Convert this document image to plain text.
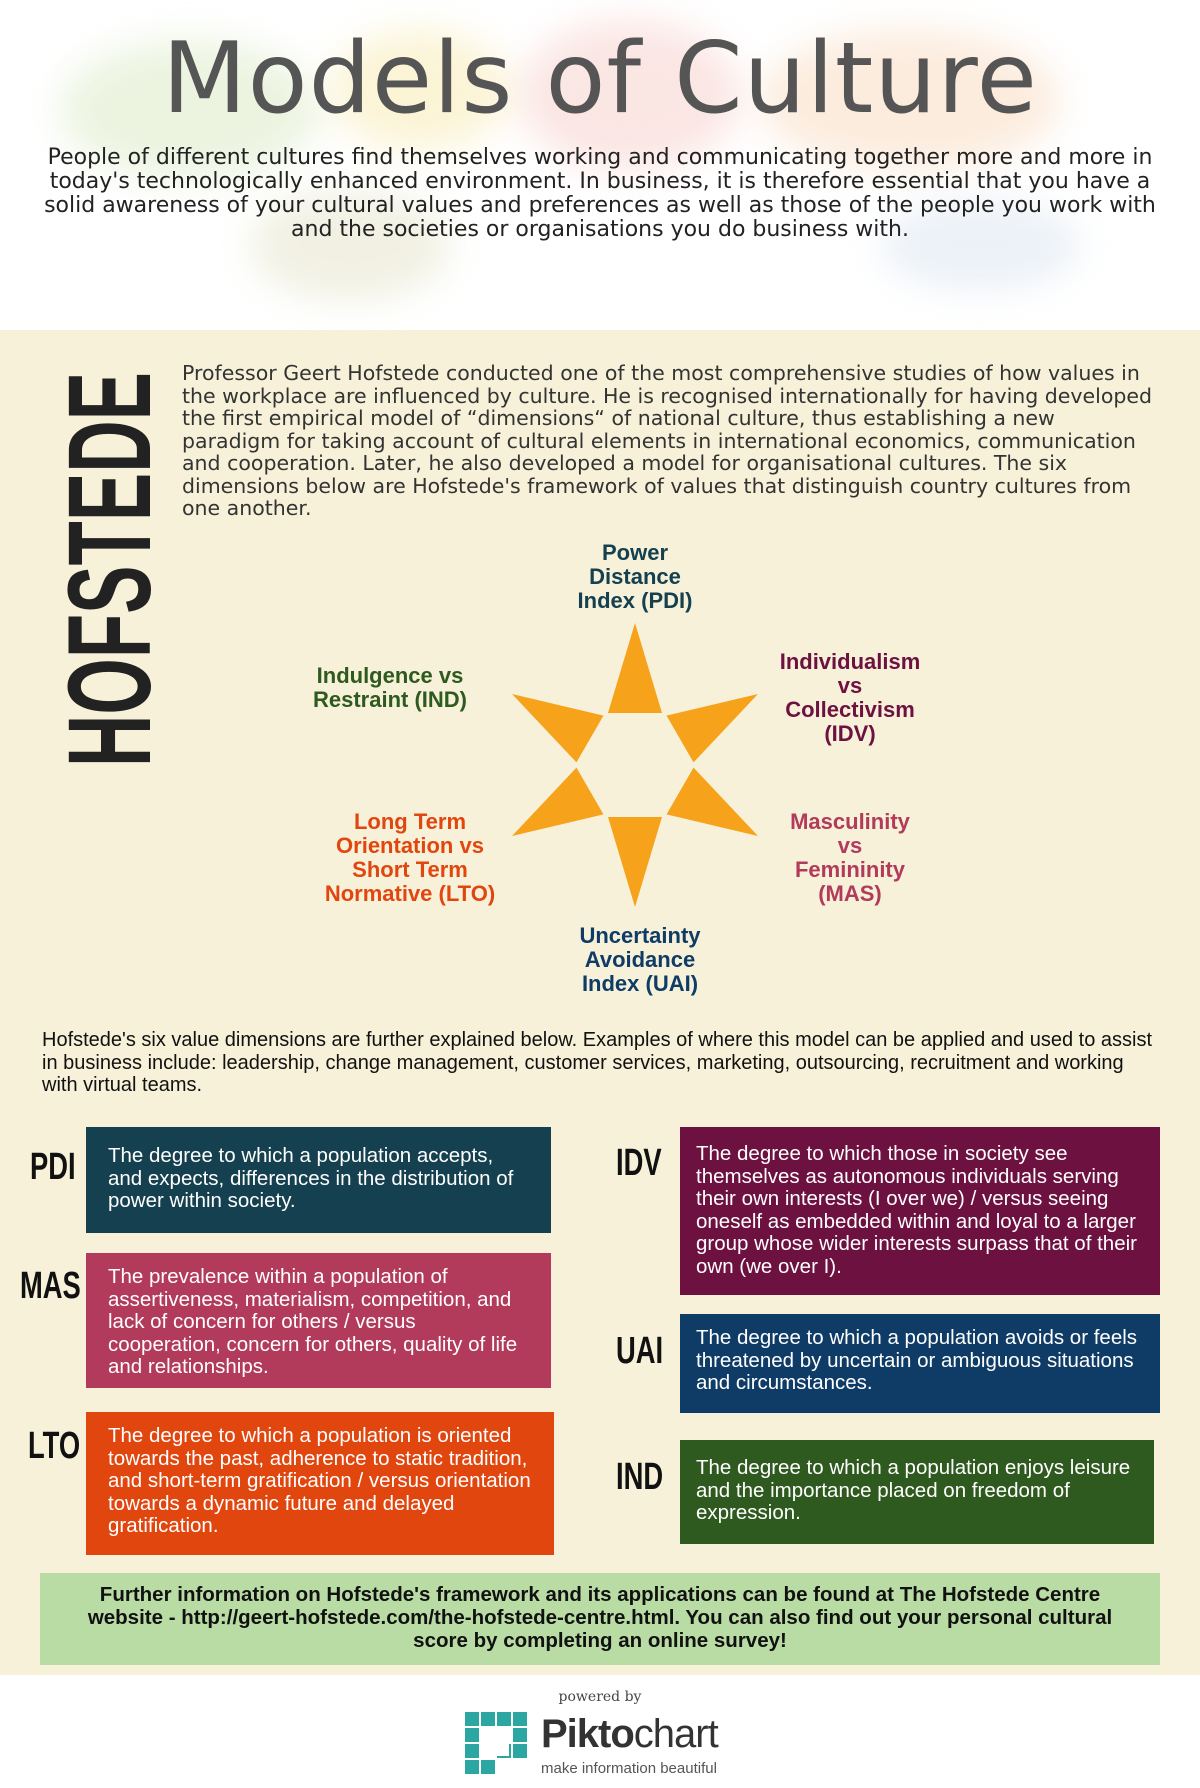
Models of Culture
People of different cultures find themselves working and communicating together more and more in today's technologically enhanced environment. In business, it is therefore essential that you have a solid awareness of your cultural values and preferences as well as those of the people you work with and the societies or organisations you do business with.
HOFSTEDE Professor Geert Hofstede conducted one of the most comprehensive studies of how values in the workplace are influenced by culture. He is recognised internationally for having developed the first empirical model of “dimensions“ of national culture, thus establishing a new paradigm for taking account of cultural elements in international economics, communication and cooperation. Later, he also developed a model for organisational cultures. The six dimensions below are Hofstede's framework of values that distinguish country cultures from one another.
Power
Distance
Index (PDI)
Individualism
vs
Collectivism
(IDV)
Masculinity
vs
Femininity
(MAS)
Uncertainty
Avoidance
Index (UAI)
Long Term
Orientation vs
Short Term
Normative (LTO)
Indulgence vs
Restraint (IND)
Hofstede's six value dimensions are further explained below. Examples of where this model can be applied and used to assist in business include: leadership, change management, customer services, marketing, outsourcing, recruitment and working with virtual teams.
PDI	The degree to which a population accepts, and expects, differences in the distribution of power within society.
MAS	The prevalence within a population of assertiveness, materialism, competition, and lack of concern for others / versus cooperation, concern for others, quality of life and relationships.
LTO	The degree to which a population is oriented towards the past, adherence to static tradition, and short-term gratification / versus orientation towards a dynamic future and delayed gratification.
IDV	The degree to which those in society see themselves as autonomous individuals serving their own interests (I over we) / versus seeing oneself as embedded within and loyal to a larger group whose wider interests surpass that of their own (we over I).
UAI	The degree to which a population avoids or feels threatened by uncertain or ambiguous situations and circumstances.
IND	The degree to which a population enjoys leisure and the importance placed on freedom of expression.
Further information on Hofstede's framework and its applications can be found at The Hofstede Centre website - http://geert-hofstede.com/the-hofstede-centre.html. You can also find out your personal cultural score by completing an online survey!
powered by
Piktochart
make information beautiful
